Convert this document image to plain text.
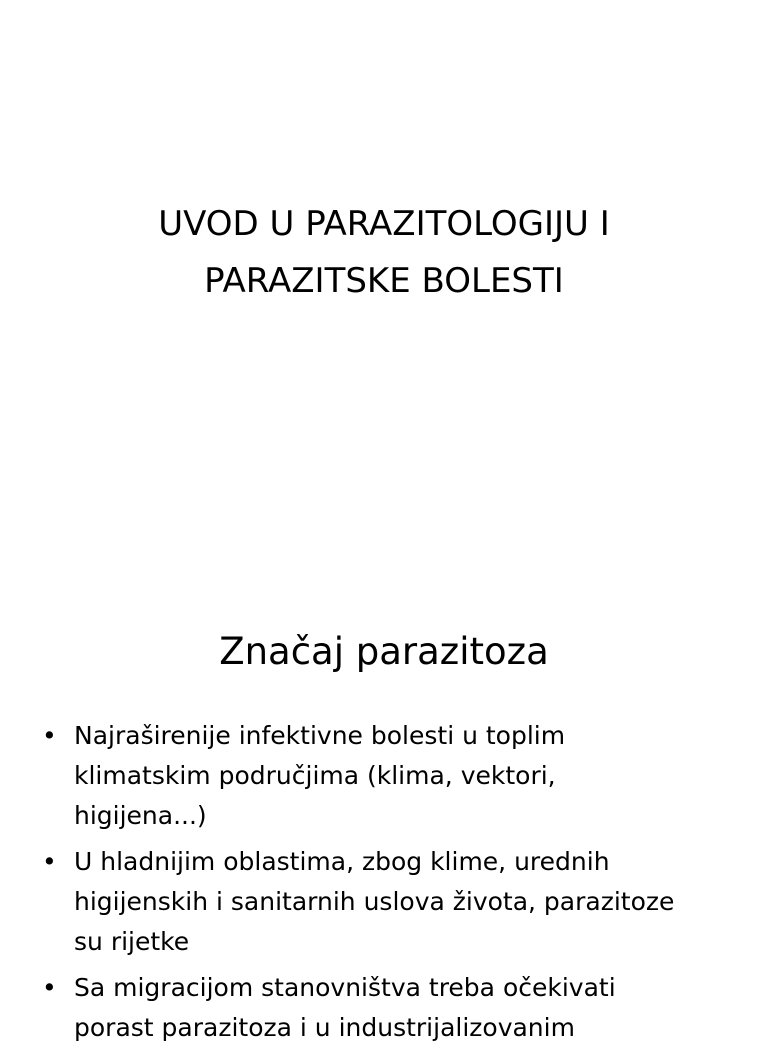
UVOD U PARAZITOLOGIJU I
PARAZITSKE BOLESTI
Značaj parazitoza
• Najraširenije infektivne bolesti u toplim
klimatskim područjima (klima, vektori,
higijena...)
• U hladnijim oblastima, zbog klime, urednih
higijenskih i sanitarnih uslova života, parazitoze
su rijetke
• Sa migracijom stanovništva treba očekivati
porast parazitoza i u industrijalizovanim
